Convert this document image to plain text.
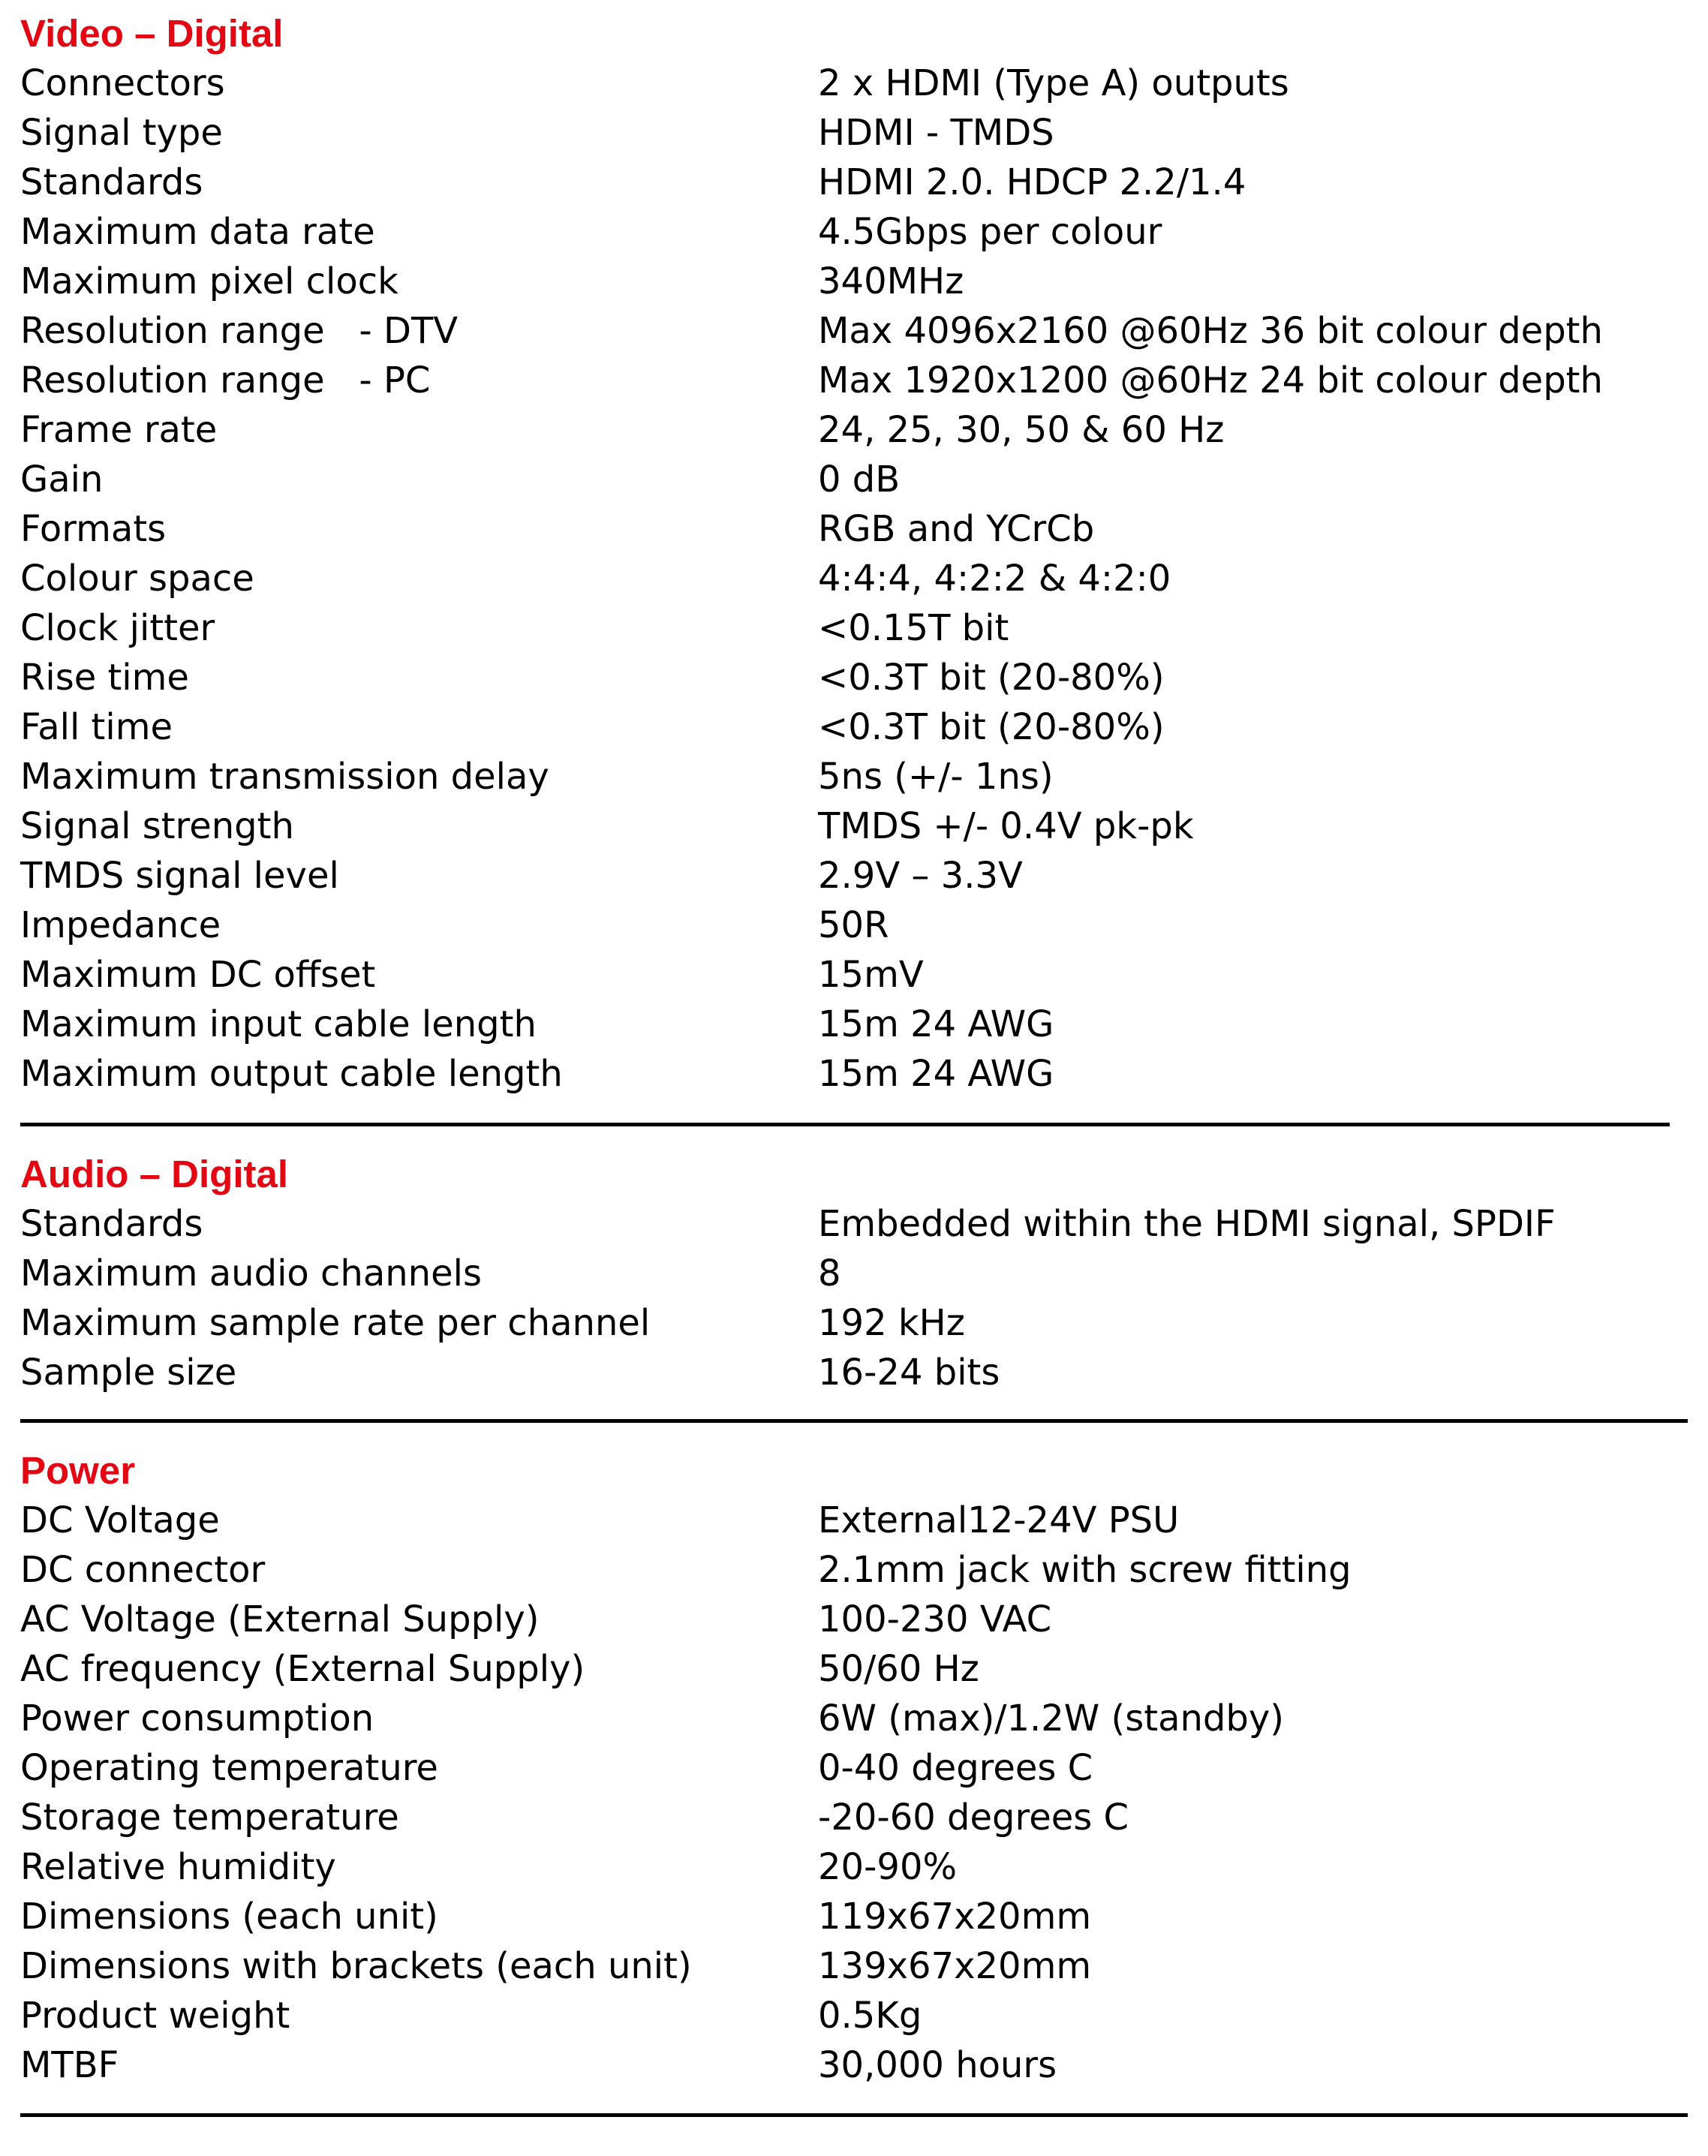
Video – Digital
Connectors	2 x HDMI (Type A) outputs
Signal type	HDMI - TMDS
Standards	HDMI 2.0. HDCP 2.2/1.4
Maximum data rate	4.5Gbps per colour
Maximum pixel clock	340MHz
Resolution range   - DTV	Max 4096x2160 @60Hz 36 bit colour depth
Resolution range   - PC	Max 1920x1200 @60Hz 24 bit colour depth
Frame rate	24, 25, 30, 50 & 60 Hz
Gain	0 dB
Formats	RGB and YCrCb
Colour space	4:4:4, 4:2:2 & 4:2:0
Clock jitter	<0.15T bit
Rise time	<0.3T bit (20-80%)
Fall time	<0.3T bit (20-80%)
Maximum transmission delay	5ns (+/- 1ns)
Signal strength	TMDS +/- 0.4V pk-pk
TMDS signal level	2.9V – 3.3V
Impedance	50R
Maximum DC offset	15mV
Maximum input cable length	15m 24 AWG
Maximum output cable length	15m 24 AWG
Audio – Digital
Standards	Embedded within the HDMI signal, SPDIF
Maximum audio channels	8
Maximum sample rate per channel	192 kHz
Sample size	16-24 bits
Power
DC Voltage	External12-24V PSU
DC connector	2.1mm jack with screw fitting
AC Voltage (External Supply)	100-230 VAC
AC frequency (External Supply)	50/60 Hz
Power consumption	6W (max)/1.2W (standby)
Operating temperature	0-40 degrees C
Storage temperature	-20-60 degrees C
Relative humidity	20-90%
Dimensions (each unit)	119x67x20mm
Dimensions with brackets (each unit)	139x67x20mm
Product weight	0.5Kg
MTBF	30,000 hours
